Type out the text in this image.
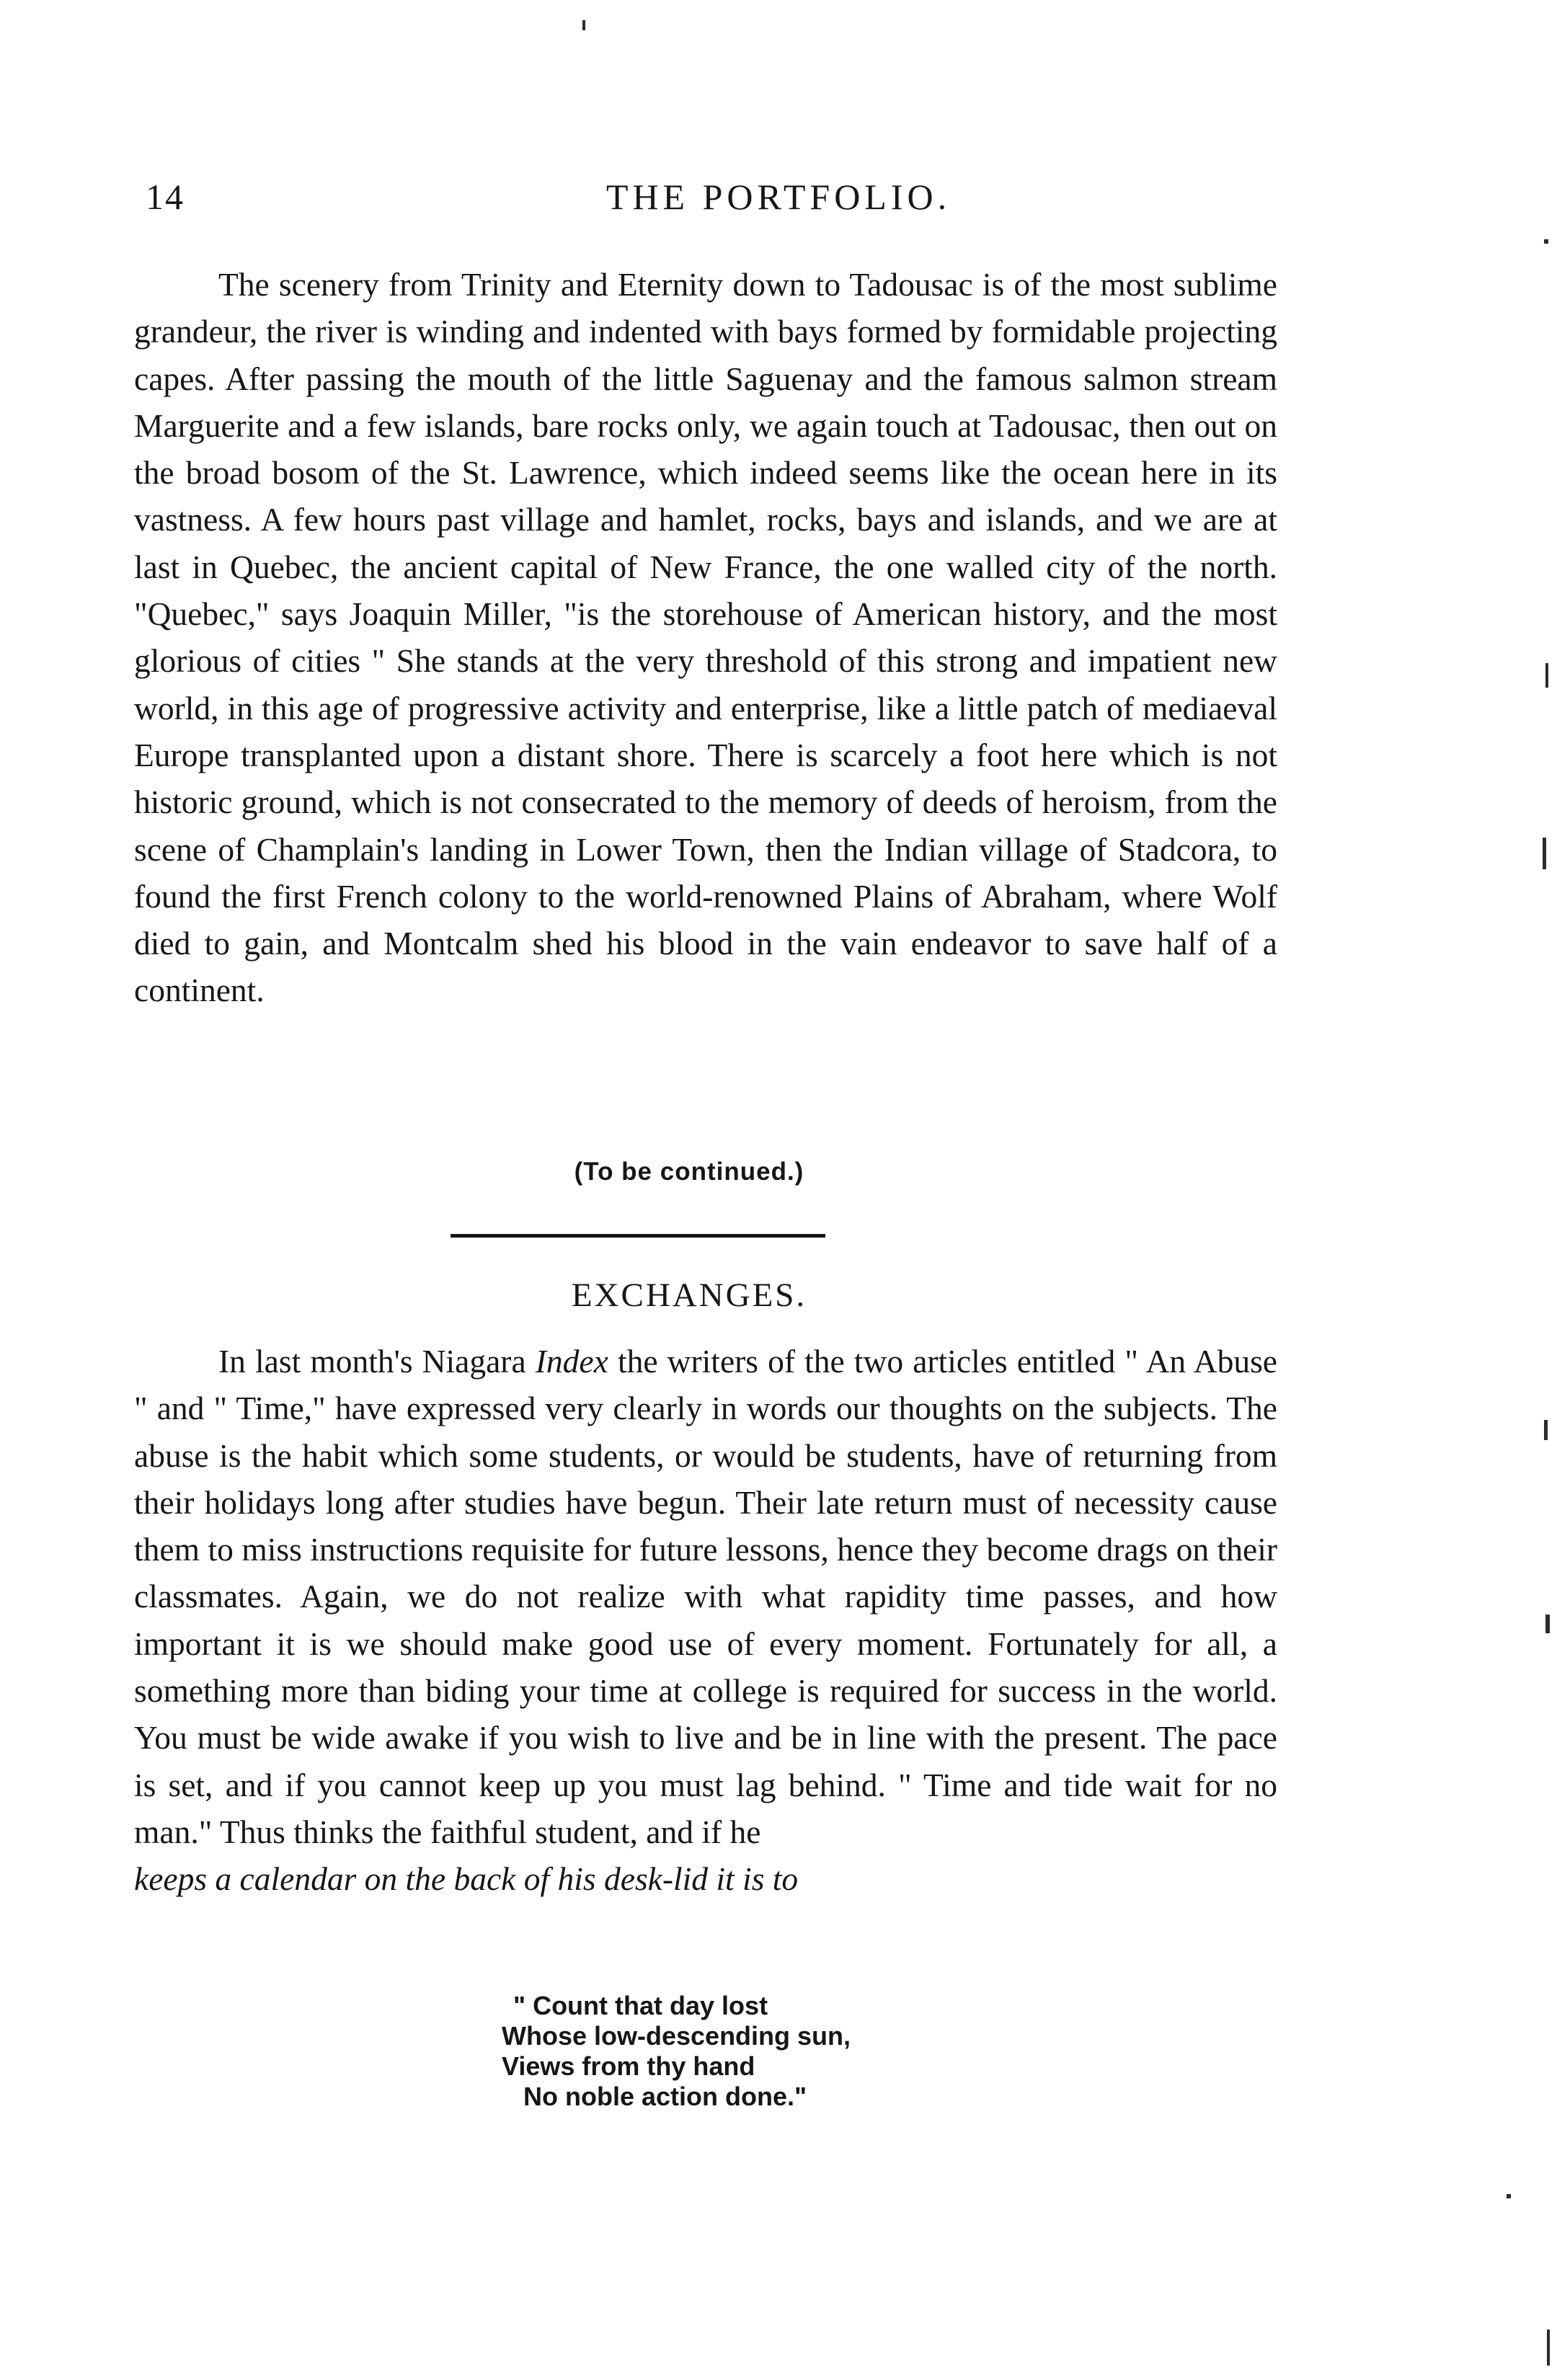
14	THE PORTFOLIO.

The scenery from Trinity and Eternity down to Tadousac is of the most sublime grandeur, the river is winding and indented with bays formed by formidable projecting capes. After passing the mouth of the little Saguenay and the famous salmon stream Marguerite and a few islands, bare rocks only, we again touch at Tadousac, then out on the broad bosom of the St. Lawrence, which indeed seems like the ocean here in its vastness. A few hours past village and hamlet, rocks, bays and islands, and we are at last in Quebec, the ancient capital of New France, the one walled city of the north. "Quebec," says Joaquin Miller, "is the storehouse of American history, and the most glorious of cities " She stands at the very threshold of this strong and impatient new world, in this age of progressive activity and enterprise, like a little patch of mediaeval Europe transplanted upon a distant shore. There is scarcely a foot here which is not historic ground, which is not consecrated to the memory of deeds of heroism, from the scene of Champlain's landing in Lower Town, then the Indian village of Stadcora, to found the first French colony to the world-renowned Plains of Abraham, where Wolf died to gain, and Montcalm shed his blood in the vain endeavor to save half of a continent.

(To be continued.)
EXCHANGES.

In last month's Niagara Index the writers of the two articles entitled " An Abuse " and " Time," have expressed very clearly in words our thoughts on the subjects. The abuse is the habit which some students, or would be students, have of returning from their holidays long after studies have begun. Their late return must of necessity cause them to miss instructions requisite for future lessons, hence they become drags on their classmates. Again, we do not realize with what rapidity time passes, and how important it is we should make good use of every moment. Fortunately for all, a something more than biding your time at college is required for success in the world. You must be wide awake if you wish to live and be in line with the present. The pace is set, and if you cannot keep up you must lag behind. " Time and tide wait for no man." Thus thinks the faithful student, and if he

keeps a calendar on the back of his desk-lid it is to

" Count that day lost
Whose low-descending sun,
Views from thy hand
No noble action done."
